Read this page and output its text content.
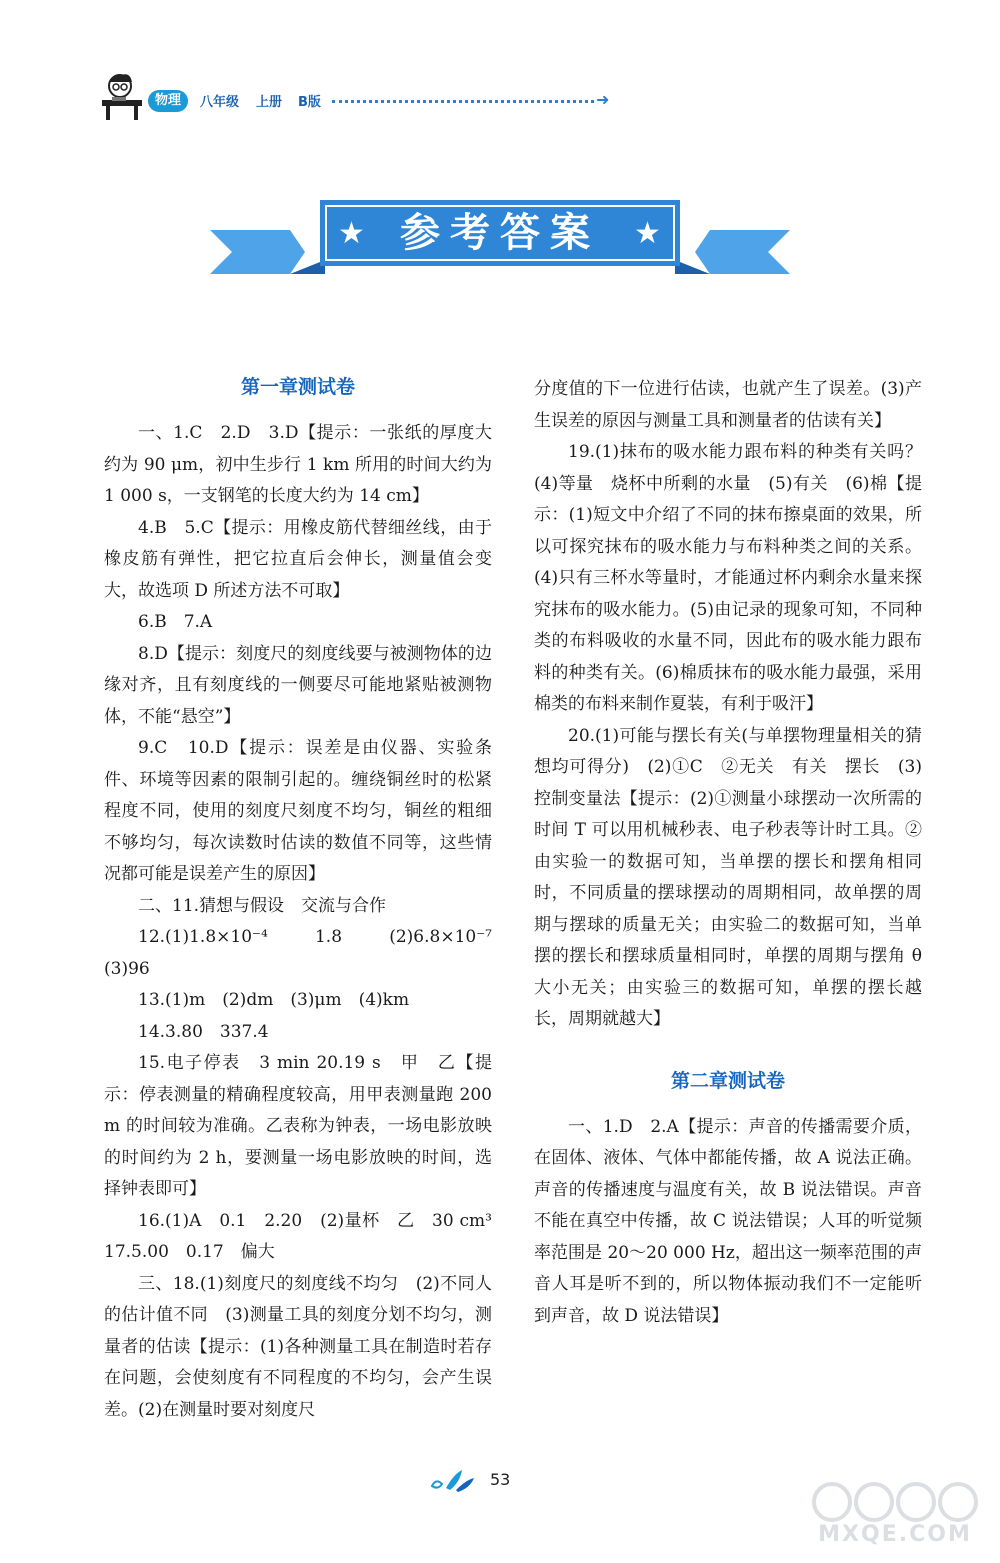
物理	八年级 上册 B版	➜
★	★
参考答案
第一章测试卷

一、1.C　2.D　3.D【提示：一张纸的厚度大约为 90 μm，初中生步行 1 km 所用的时间大约为 1 000 s，一支钢笔的长度大约为 14 cm】

4.B　5.C【提示：用橡皮筋代替细丝线，由于橡皮筋有弹性，把它拉直后会伸长，测量值会变大，故选项 D 所述方法不可取】

6.B　7.A

8.D【提示：刻度尺的刻度线要与被测物体的边缘对齐，且有刻度线的一侧要尽可能地紧贴被测物体，不能“悬空”】

9.C　10.D【提示：误差是由仪器、实验条件、环境等因素的限制引起的。缠绕铜丝时的松紧程度不同，使用的刻度尺刻度不均匀，铜丝的粗细不够均匀，每次读数时估读的数值不同等，这些情况都可能是误差产生的原因】

二、11.猜想与假设　交流与合作

12.(1)1.8×10⁻⁴　1.8　(2)6.8×10⁻⁷　(3)96

13.(1)m　(2)dm　(3)μm　(4)km

14.3.80　337.4

15.电子停表　3 min 20.19 s　甲　乙【提示：停表测量的精确程度较高，用甲表测量跑 200 m 的时间较为准确。乙表称为钟表，一场电影放映的时间约为 2 h，要测量一场电影放映的时间，选择钟表即可】

16.(1)A　0.1　2.20　(2)量杯　乙　30 cm³　17.5.00　0.17　偏大

三、18.(1)刻度尺的刻度线不均匀　(2)不同人的估计值不同　(3)测量工具的刻度分划不均匀，测量者的估读【提示：(1)各种测量工具在制造时若存在问题，会使刻度有不同程度的不均匀，会产生误差。(2)在测量时要对刻度尺

分度值的下一位进行估读，也就产生了误差。(3)产生误差的原因与测量工具和测量者的估读有关】

19.(1)抹布的吸水能力跟布料的种类有关吗？　(4)等量　烧杯中所剩的水量　(5)有关　(6)棉【提示：(1)短文中介绍了不同的抹布擦桌面的效果，所以可探究抹布的吸水能力与布料种类之间的关系。(4)只有三杯水等量时，才能通过杯内剩余水量来探究抹布的吸水能力。(5)由记录的现象可知，不同种类的布料吸收的水量不同，因此布的吸水能力跟布料的种类有关。(6)棉质抹布的吸水能力最强，采用棉类的布料来制作夏装，有利于吸汗】

20.(1)可能与摆长有关(与单摆物理量相关的猜想均可得分)　(2)①C　②无关　有关　摆长　(3)控制变量法【提示：(2)①测量小球摆动一次所需的时间 T 可以用机械秒表、电子秒表等计时工具。②由实验一的数据可知，当单摆的摆长和摆角相同时，不同质量的摆球摆动的周期相同，故单摆的周期与摆球的质量无关；由实验二的数据可知，当单摆的摆长和摆球质量相同时，单摆的周期与摆角 θ 大小无关；由实验三的数据可知，单摆的摆长越长，周期就越大】

第二章测试卷

一、1.D　2.A【提示：声音的传播需要介质，在固体、液体、气体中都能传播，故 A 说法正确。声音的传播速度与温度有关，故 B 说法错误。声音不能在真空中传播，故 C 说法错误；人耳的听觉频率范围是 20～20 000 Hz，超出这一频率范围的声音人耳是听不到的，所以物体振动我们不一定能听到声音，故 D 说法错误】

53
MXQE.COM
